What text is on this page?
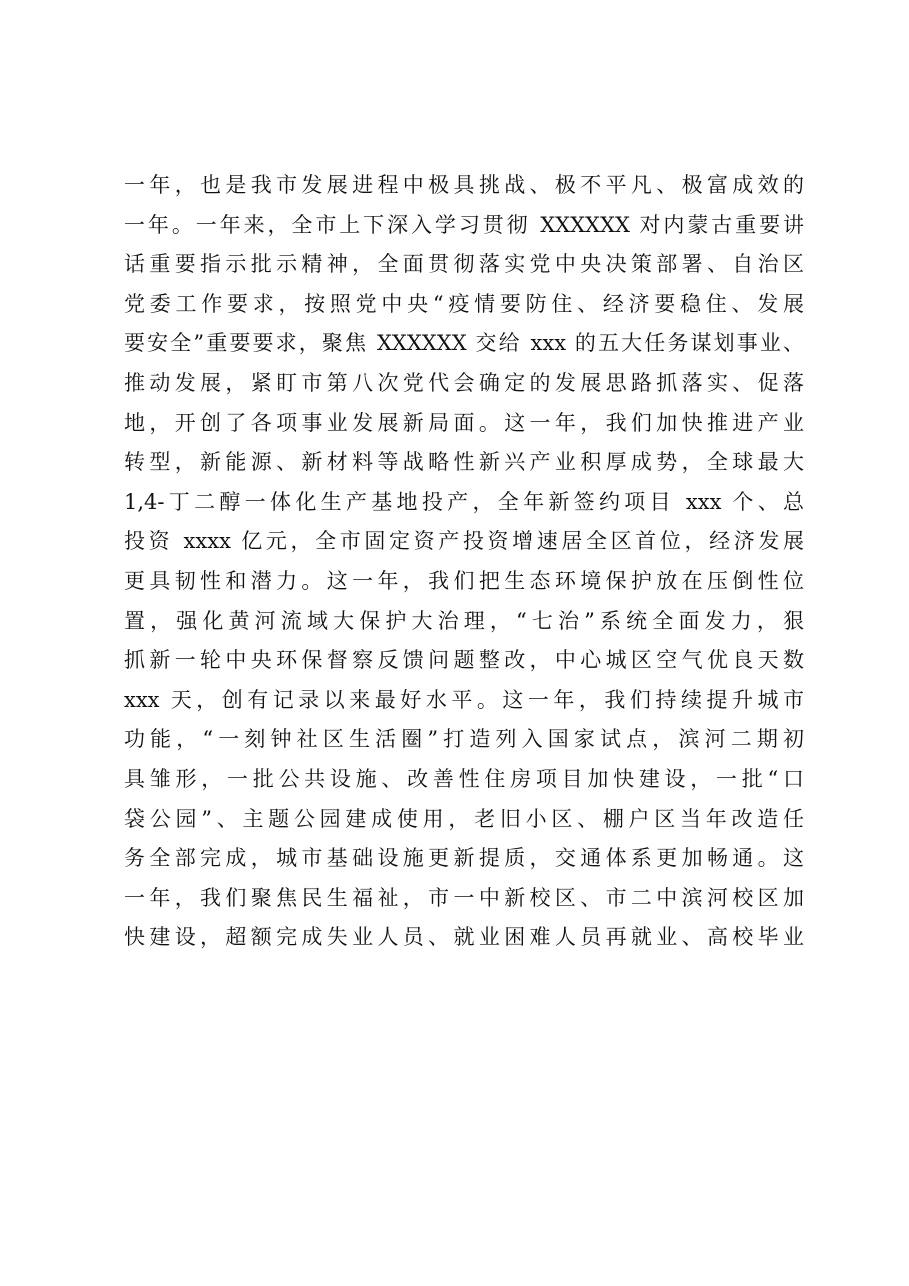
一年，也是我市发展进程中极具挑战、极不平凡、极富成效的
一年。一年来，全市上下深入学习贯彻 XXXXXX 对内蒙古重要讲
话重要指示批示精神，全面贯彻落实党中央决策部署、自治区
党委工作要求，按照党中央“疫情要防住、经济要稳住、发展
要安全”重要要求，聚焦 XXXXXX 交给 xxx 的五大任务谋划事业、
推动发展，紧盯市第八次党代会确定的发展思路抓落实、促落
地，开创了各项事业发展新局面。这一年，我们加快推进产业
转型，新能源、新材料等战略性新兴产业积厚成势，全球最大
1,4-丁二醇一体化生产基地投产，全年新签约项目 xxx 个、总
投资 xxxx 亿元，全市固定资产投资增速居全区首位，经济发展
更具韧性和潜力。这一年，我们把生态环境保护放在压倒性位
置，强化黄河流域大保护大治理，“七治”系统全面发力，狠
抓新一轮中央环保督察反馈问题整改，中心城区空气优良天数
xxx 天，创有记录以来最好水平。这一年，我们持续提升城市
功能，“一刻钟社区生活圈”打造列入国家试点，滨河二期初
具雏形，一批公共设施、改善性住房项目加快建设，一批“口
袋公园”、主题公园建成使用，老旧小区、棚户区当年改造任
务全部完成，城市基础设施更新提质，交通体系更加畅通。这
一年，我们聚焦民生福祉，市一中新校区、市二中滨河校区加
快建设，超额完成失业人员、就业困难人员再就业、高校毕业
